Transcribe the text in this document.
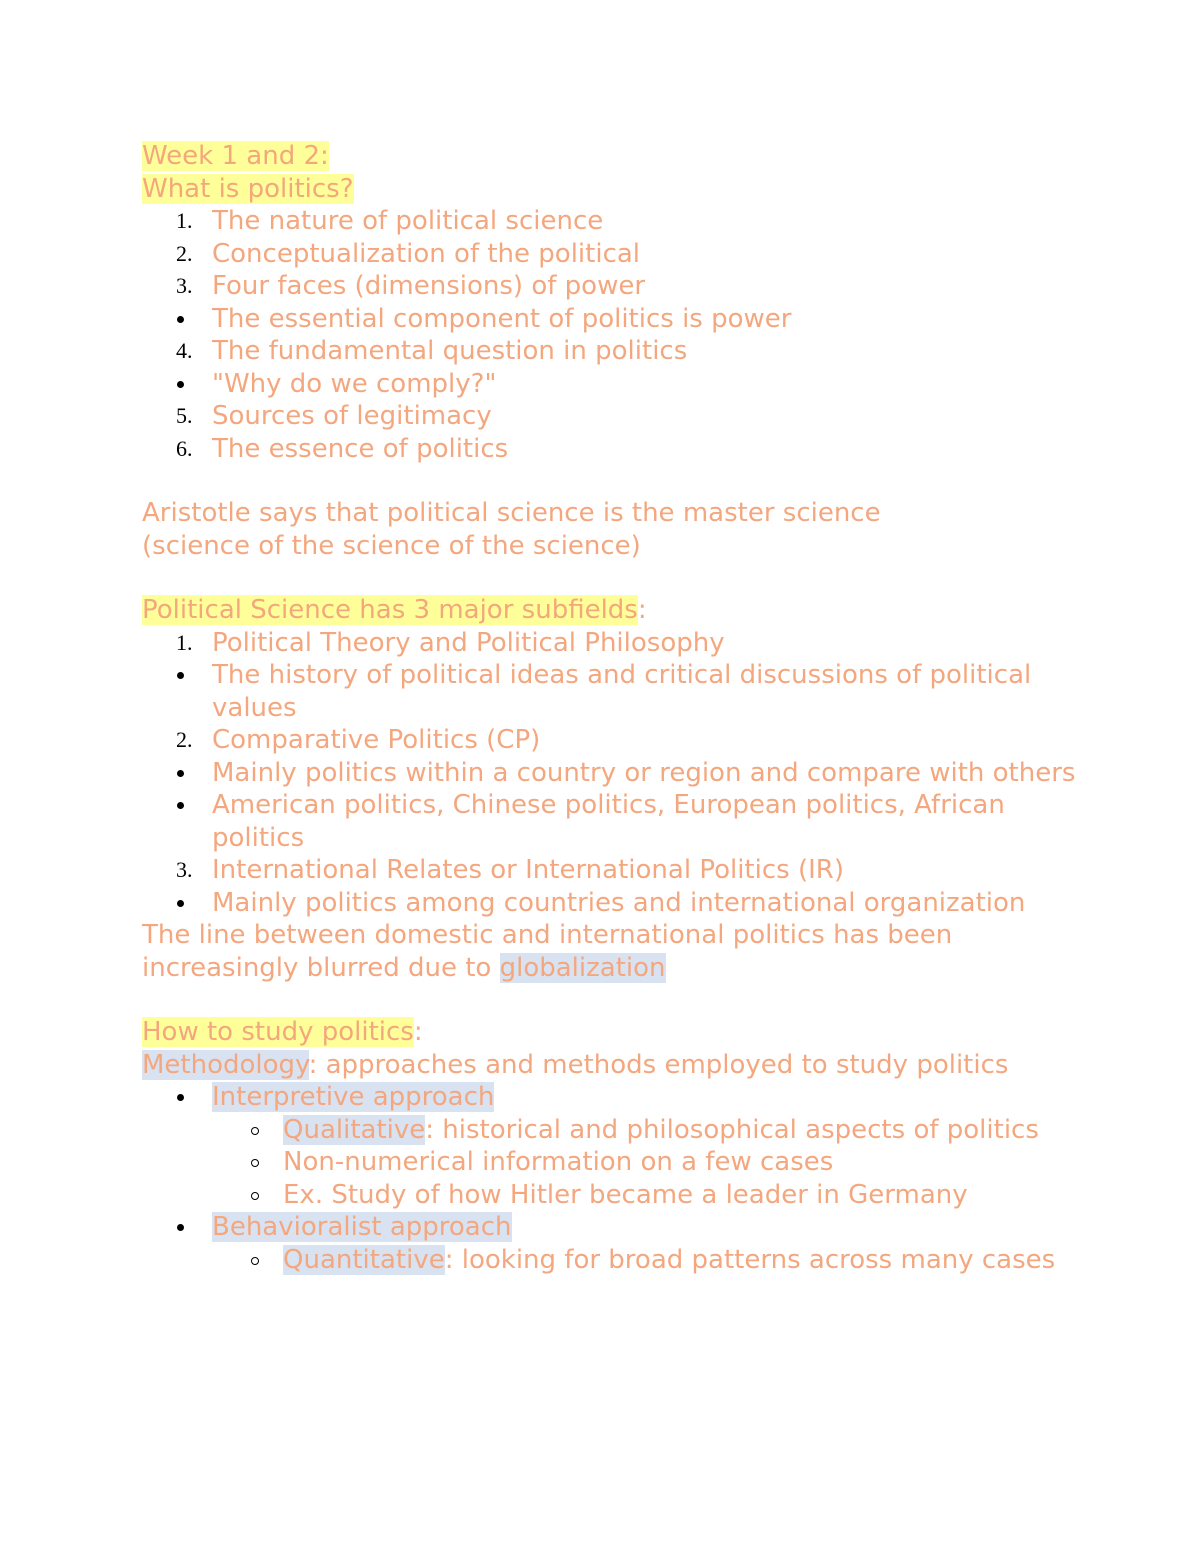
Week 1 and 2:
What is politics?
1. The nature of political science
2. Conceptualization of the political
3. Four faces (dimensions) of power
The essential component of politics is power
4. The fundamental question in politics
"Why do we comply?"
5. Sources of legitimacy
6. The essence of politics
Aristotle says that political science is the master science
(science of the science of the science)
Political Science has 3 major subfields:
1. Political Theory and Political Philosophy
The history of political ideas and critical discussions of political values
2. Comparative Politics (CP)
Mainly politics within a country or region and compare with others
American politics, Chinese politics, European politics, African politics
3. International Relates or International Politics (IR)
Mainly politics among countries and international organization
The line between domestic and international politics has been
increasingly blurred due to globalization
How to study politics:
Methodology: approaches and methods employed to study politics
Interpretive approach
Qualitative: historical and philosophical aspects of politics
Non-numerical information on a few cases
Ex. Study of how Hitler became a leader in Germany
Behavioralist approach
Quantitative: looking for broad patterns across many cases
